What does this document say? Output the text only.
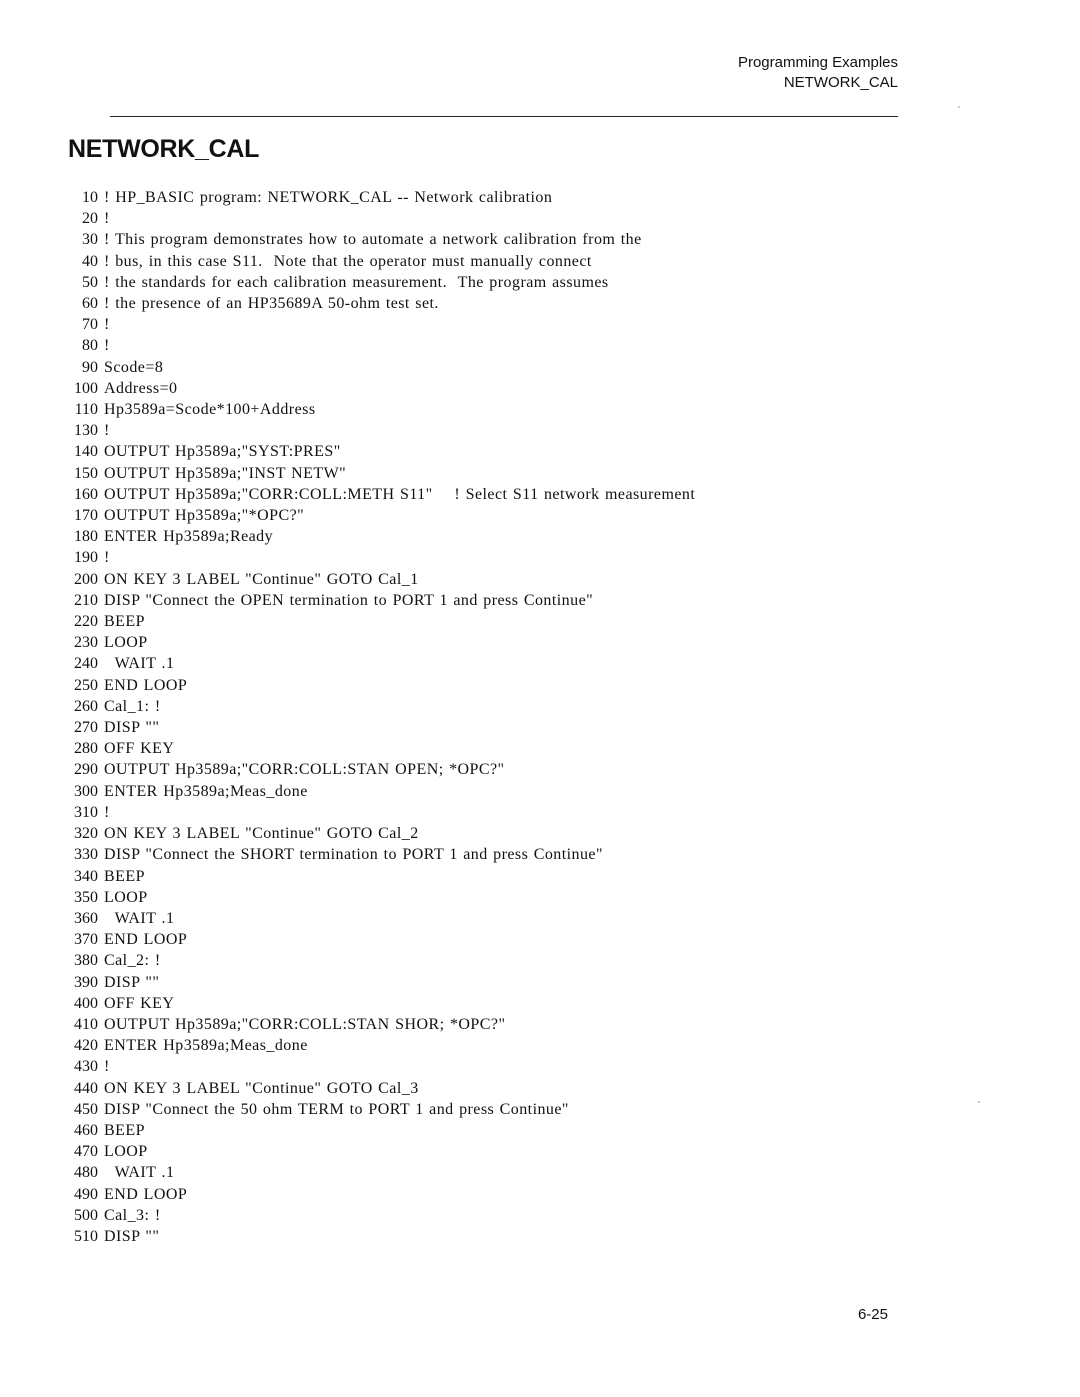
Programming Examples
NETWORK_CAL
NETWORK_CAL
10 ! HP_BASIC program: NETWORK_CAL -- Network calibration
20 !
30 ! This program demonstrates how to automate a network calibration from the
40 ! bus, in this case S11.  Note that the operator must manually connect
50 ! the standards for each calibration measurement.  The program assumes
60 ! the presence of an HP35689A 50-ohm test set.
70 !
80 !
90 Scode=8
100 Address=0
110 Hp3589a=Scode*100+Address
130 !
140 OUTPUT Hp3589a;"SYST:PRES"
150 OUTPUT Hp3589a;"INST NETW"
160 OUTPUT Hp3589a;"CORR:COLL:METH S11"    ! Select S11 network measurement
170 OUTPUT Hp3589a;"*OPC?"
180 ENTER Hp3589a;Ready
190 !
200 ON KEY 3 LABEL "Continue" GOTO Cal_1
210 DISP "Connect the OPEN termination to PORT 1 and press Continue"
220 BEEP
230 LOOP
240 WAIT .1
250 END LOOP
260 Cal_1: !
270 DISP ""
280 OFF KEY
290 OUTPUT Hp3589a;"CORR:COLL:STAN OPEN; *OPC?"
300 ENTER Hp3589a;Meas_done
310 !
320 ON KEY 3 LABEL "Continue" GOTO Cal_2
330 DISP "Connect the SHORT termination to PORT 1 and press Continue"
340 BEEP
350 LOOP
360 WAIT .1
370 END LOOP
380 Cal_2: !
390 DISP ""
400 OFF KEY
410 OUTPUT Hp3589a;"CORR:COLL:STAN SHOR; *OPC?"
420 ENTER Hp3589a;Meas_done
430 !
440 ON KEY 3 LABEL "Continue" GOTO Cal_3
450 DISP "Connect the 50 ohm TERM to PORT 1 and press Continue"
460 BEEP
470 LOOP
480 WAIT .1
490 END LOOP
500 Cal_3: !
510 DISP ""
6-25
